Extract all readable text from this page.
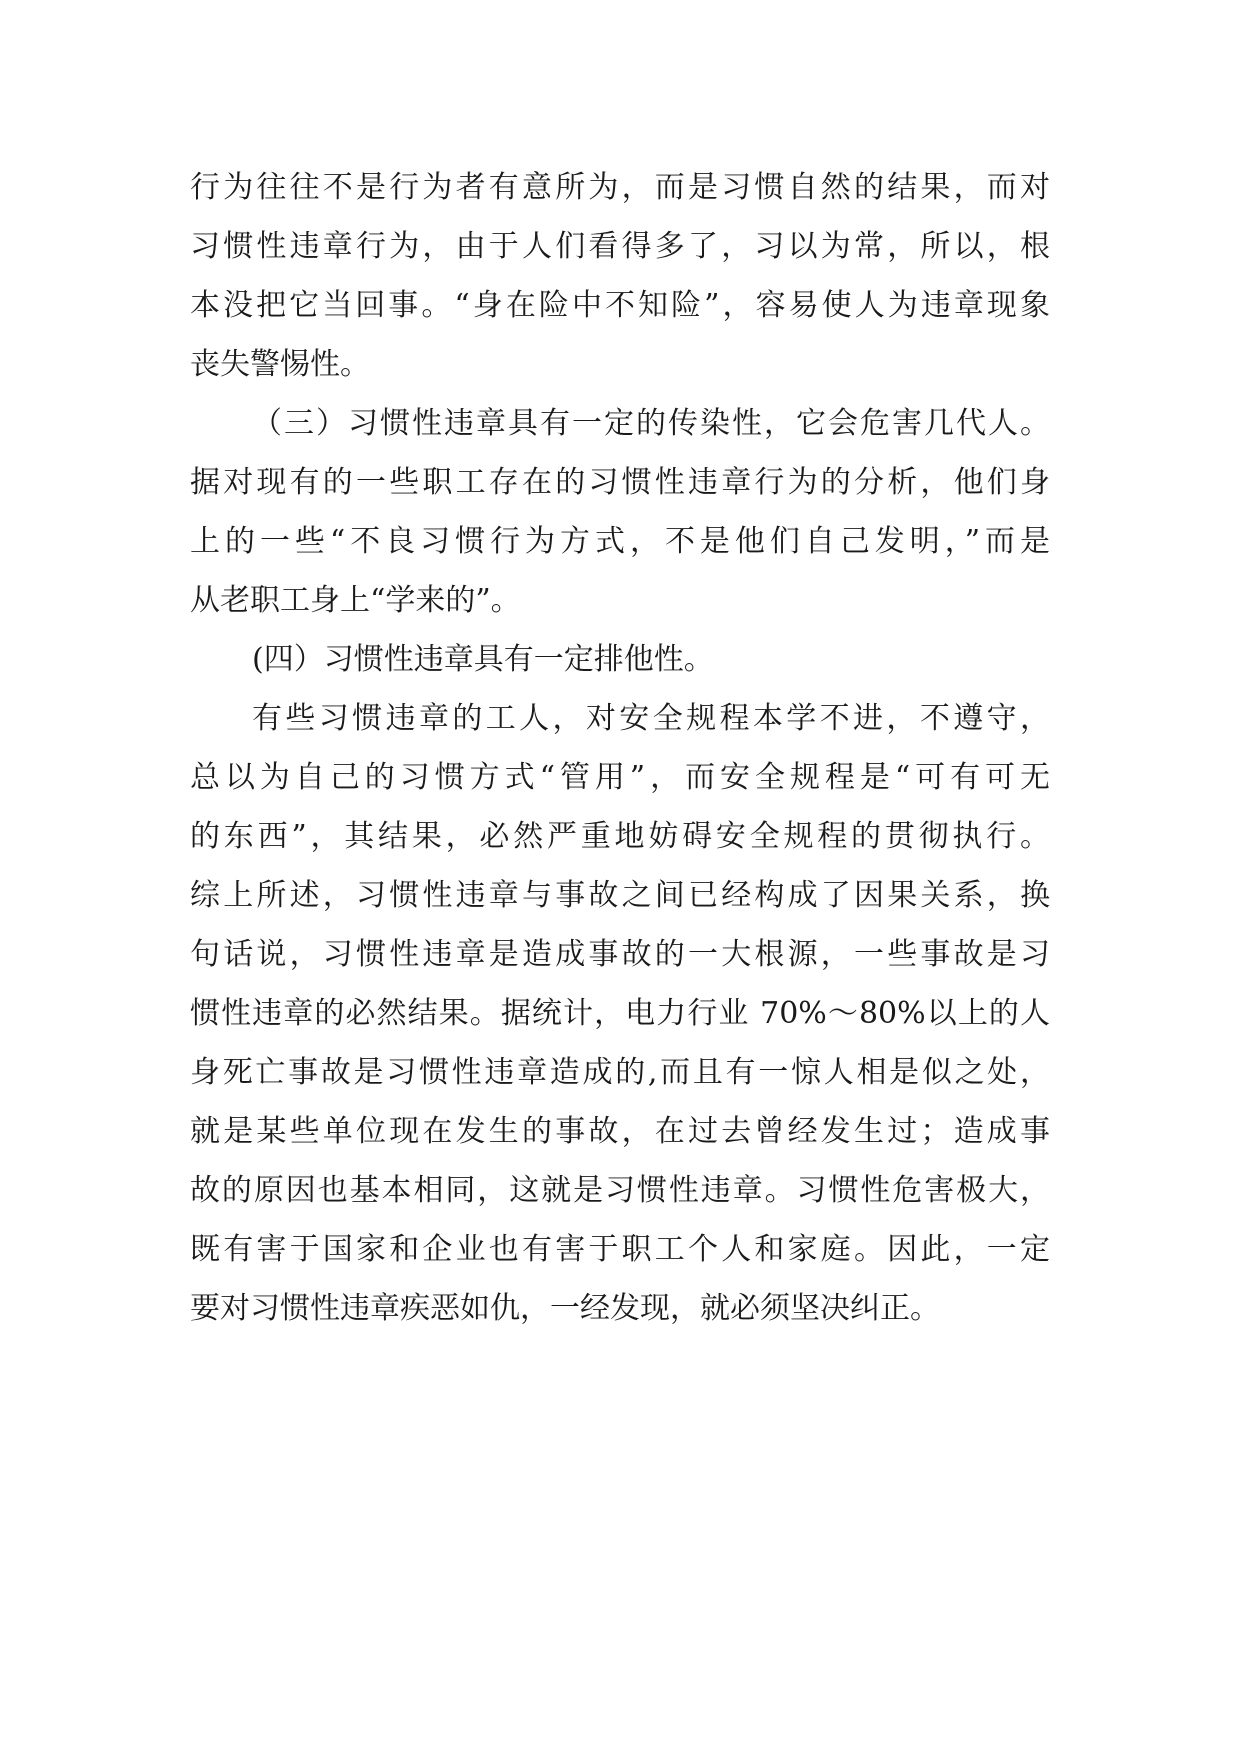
行为往往不是行为者有意所为，而是习惯自然的结果，而对
习惯性违章行为，由于人们看得多了，习以为常，所以，根
本没把它当回事。“身在险中不知险”，容易使人为违章现象
丧失警惕性。
（三）习惯性违章具有一定的传染性，它会危害几代人。
据对现有的一些职工存在的习惯性违章行为的分析，他们身
上的一些“不良习惯行为方式，不是他们自己发明，”而是
从老职工身上“学来的”。
(四）习惯性违章具有一定排他性。
有些习惯违章的工人，对安全规程本学不进，不遵守，
总以为自己的习惯方式“管用”，而安全规程是“可有可无
的东西”，其结果，必然严重地妨碍安全规程的贯彻执行。
综上所述，习惯性违章与事故之间已经构成了因果关系，换
句话说，习惯性违章是造成事故的一大根源，一些事故是习
惯性违章的必然结果。据统计，电力行业 70%～80%以上的人
身死亡事故是习惯性违章造成的,而且有一惊人相是似之处，
就是某些单位现在发生的事故，在过去曾经发生过；造成事
故的原因也基本相同，这就是习惯性违章。习惯性危害极大，
既有害于国家和企业也有害于职工个人和家庭。因此，一定
要对习惯性违章疾恶如仇，一经发现，就必须坚决纠正。
